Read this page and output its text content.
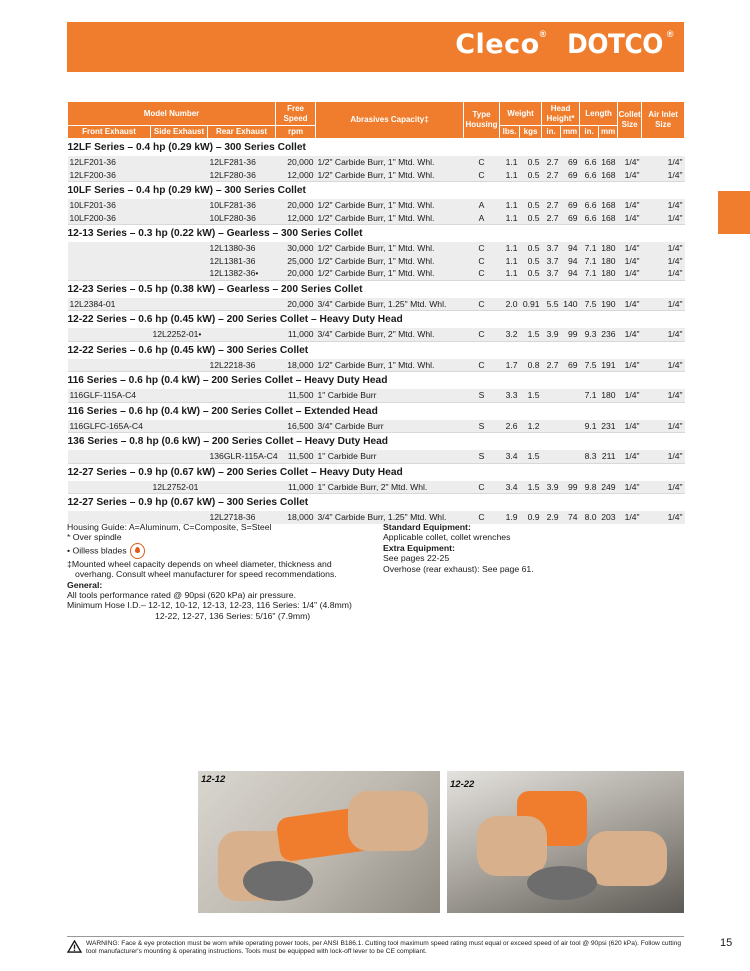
Cleco® DOTCO ®
Model Number			Free Speed	Abrasives Capacity‡	Type Housing	Weight		Head Height*		Length		Collet Size	Air Inlet Size
Front Exhaust	Side Exhaust	Rear Exhaust	rpm			lbs.	kgs	in.	mm	in.	mm		
12LF Series – 0.4 hp (0.29 kW) – 300 Series Collet													
12LF201-36		12LF281-36	20,000	1/2" Carbide Burr, 1" Mtd. Whl.	C	1.1	0.5	2.7	69	6.6	168	1/4"	1/4"
12LF200-36		12LF280-36	12,000	1/2" Carbide Burr, 1" Mtd. Whl.	C	1.1	0.5	2.7	69	6.6	168	1/4"	1/4"
10LF Series – 0.4 hp (0.29 kW) – 300 Series Collet													
10LF201-36		10LF281-36	20,000	1/2" Carbide Burr, 1" Mtd. Whl.	A	1.1	0.5	2.7	69	6.6	168	1/4"	1/4"
10LF200-36		10LF280-36	12,000	1/2" Carbide Burr, 1" Mtd. Whl.	A	1.1	0.5	2.7	69	6.6	168	1/4"	1/4"
12-13 Series – 0.3 hp (0.22 kW) – Gearless – 300 Series Collet													
		12L1380-36	30,000	1/2" Carbide Burr, 1" Mtd. Whl.	C	1.1	0.5	3.7	94	7.1	180	1/4"	1/4"
		12L1381-36	25,000	1/2" Carbide Burr, 1" Mtd. Whl.	C	1.1	0.5	3.7	94	7.1	180	1/4"	1/4"
		12L1382-36•	20,000	1/2" Carbide Burr, 1" Mtd. Whl.	C	1.1	0.5	3.7	94	7.1	180	1/4"	1/4"
12-23 Series – 0.5 hp (0.38 kW) – Gearless – 200 Series Collet													
12L2384-01			20,000	3/4" Carbide Burr, 1.25" Mtd. Whl.	C	2.0	0.91	5.5	140	7.5	190	1/4"	1/4"
12-22 Series – 0.6 hp (0.45 kW) – 200 Series Collet – Heavy Duty Head													
	12L2252-01•		11,000	3/4" Carbide Burr, 2" Mtd. Whl.	C	3.2	1.5	3.9	99	9.3	236	1/4"	1/4"
12-22 Series – 0.6 hp (0.45 kW) – 300 Series Collet													
		12L2218-36	18,000	1/2" Carbide Burr, 1" Mtd. Whl.	C	1.7	0.8	2.7	69	7.5	191	1/4"	1/4"
116 Series – 0.6 hp (0.4 kW) – 200 Series Collet – Heavy Duty Head													
116GLF-115A-C4			11,500	1" Carbide Burr	S	3.3	1.5			7.1	180	1/4"	1/4"
116 Series – 0.6 hp (0.4 kW) – 200 Series Collet – Extended Head													
116GLFC-165A-C4			16,500	3/4" Carbide Burr	S	2.6	1.2			9.1	231	1/4"	1/4"
136 Series – 0.8 hp (0.6 kW) – 200 Series Collet – Heavy Duty Head													
		136GLR-115A-C4	11,500	1" Carbide Burr	S	3.4	1.5			8.3	211	1/4"	1/4"
12-27 Series – 0.9 hp (0.67 kW) – 200 Series Collet – Heavy Duty Head													
	12L2752-01		11,000	1" Carbide Burr, 2" Mtd. Whl.	C	3.4	1.5	3.9	99	9.8	249	1/4"	1/4"
12-27 Series – 0.9 hp (0.67 kW) – 300 Series Collet													
		12L2718-36	18,000	3/4" Carbide Burr, 1.25" Mtd. Whl.	C	1.9	0.9	2.9	74	8.0	203	1/4"	1/4"
Housing Guide: A=Aluminum, C=Composite, S=Steel
* Over spindle
• Oilless blades
‡Mounted wheel capacity depends on wheel diameter, thickness and
overhang. Consult wheel manufacturer for speed recommendations.
General:
All tools performance rated @ 90psi (620 kPa) air pressure.
Minimum Hose I.D.– 12-12, 10-12, 12-13, 12-23, 116 Series: 1/4" (4.8mm)
12-22, 12-27, 136 Series: 5/16" (7.9mm)
Standard Equipment:
Applicable collet, collet wrenches
Extra Equipment:
See pages 22-25
Overhose (rear exhaust): See page 61.
12-12	12-22
WARNING: Face & eye protection must be worn while operating power tools, per ANSI B186.1. Cutting tool maximum speed rating must equal or exceed speed of air tool @ 90psi (620 kPa). Follow cutting tool manufacturer's mounting & operating instructions. Tools must be equipped with lock-off lever to be CE compliant.
15
